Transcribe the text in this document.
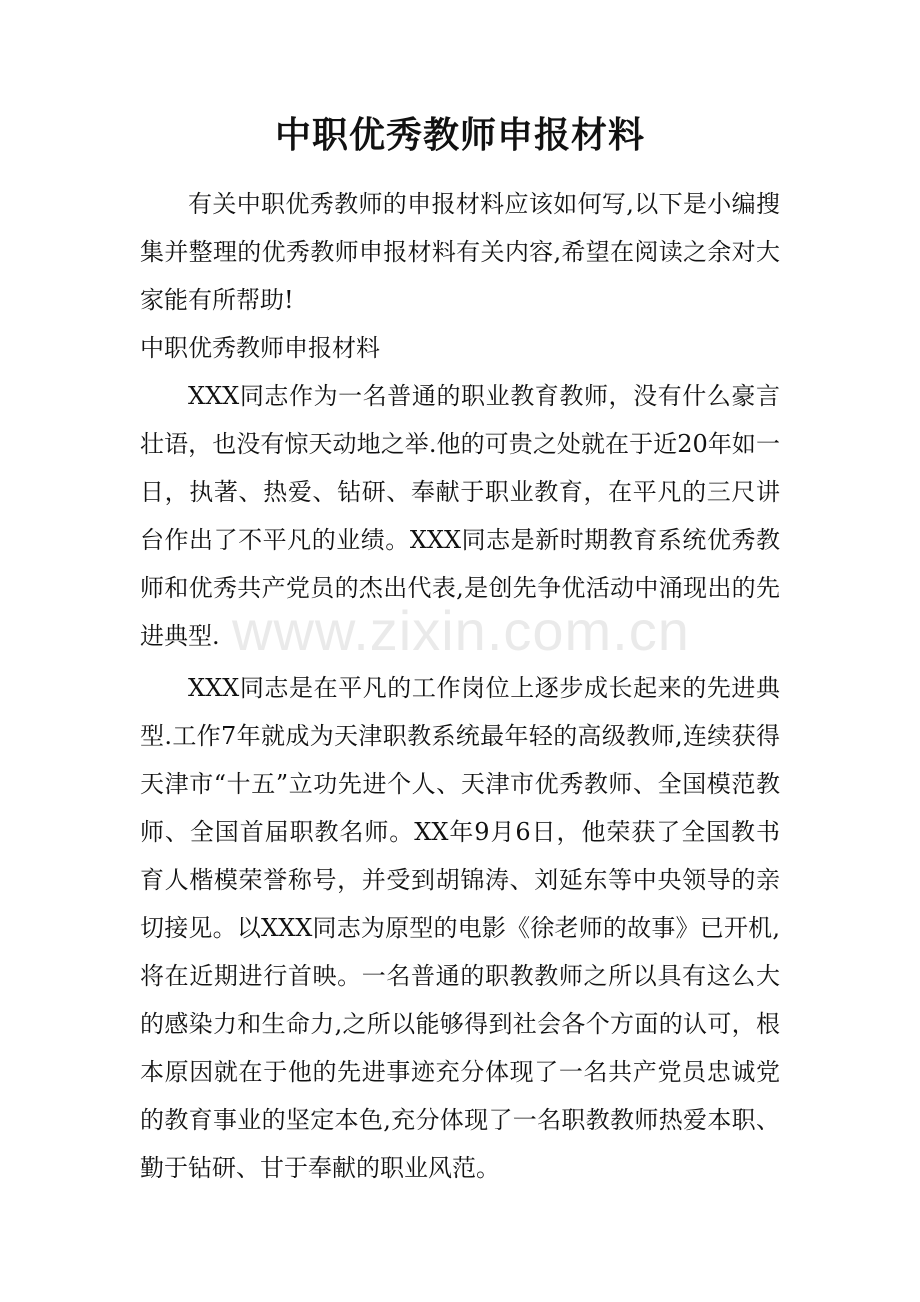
中职优秀教师申报材料

有关中职优秀教师的申报材料应该如何写,以下是小编搜集并整理的优秀教师申报材料有关内容,希望在阅读之余对大家能有所帮助!

中职优秀教师申报材料

XXX同志作为一名普通的职业教育教师，没有什么豪言壮语，也没有惊天动地之举.他的可贵之处就在于近20年如一日，执著、热爱、钻研、奉献于职业教育，在平凡的三尺讲台作出了不平凡的业绩。XXX同志是新时期教育系统优秀教师和优秀共产党员的杰出代表,是创先争优活动中涌现出的先进典型.

XXX同志是在平凡的工作岗位上逐步成长起来的先进典型.工作7年就成为天津职教系统最年轻的高级教师,连续获得天津市“十五”立功先进个人、天津市优秀教师、全国模范教师、全国首届职教名师。XX年9月6日，他荣获了全国教书育人楷模荣誉称号，并受到胡锦涛、刘延东等中央领导的亲切接见。以XXX同志为原型的电影《徐老师的故事》已开机,将在近期进行首映。一名普通的职教教师之所以具有这么大的感染力和生命力,之所以能够得到社会各个方面的认可，根本原因就在于他的先进事迹充分体现了一名共产党员忠诚党的教育事业的坚定本色,充分体现了一名职教教师热爱本职、勤于钻研、甘于奉献的职业风范。

www.zixin.com.cn
